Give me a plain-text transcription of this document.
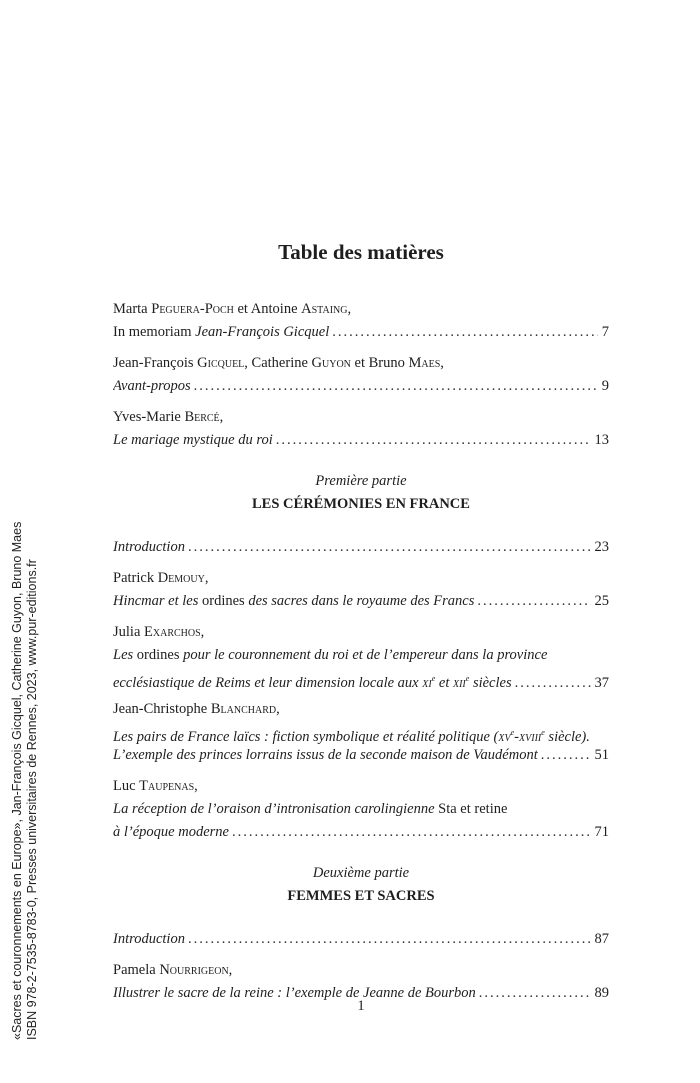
«Sacres et couronnements en Europe», Jan-François Gicquel, Catherine Guyon, Bruno Maes ISBN 978-2-7535-8783-0, Presses universitaires de Rennes, 2023, www.pur-editions.fr
Table des matières
Marta Peguera-Poch et Antoine Astaing,
In memoriam Jean-François Gicquel .....	7
Jean-François Gicquel, Catherine Guyon et Bruno Maes,
Avant-propos .....	9
Yves-Marie Bercé,
Le mariage mystique du roi .....	13
Première partie
LES CÉRÉMONIES EN FRANCE
Introduction .....	23
Patrick Demouy,
Hincmar et les ordines des sacres dans le royaume des Francs .....	25
Julia Exarchos,
Les ordines pour le couronnement du roi et de l’empereur dans la province
ecclésiastique de Reims et leur dimension locale aux $xi^e$ et xii$^e$ siècles .....	37
Jean-Christophe Blanchard,
Les pairs de France laïcs : fiction symbolique et réalité politique ($xv^e-xviii^e$ siècle).
L’exemple des princes lorrains issus de la seconde maison de Vaudémont .....	51
Luc Taupenas,
La réception de l’oraison d’intronisation carolingienne Sta et retine
à l’époque moderne .....	71
Deuxième partie
FEMMES ET SACRES
Introduction .....	87
Pamela Nourrigeon,
Illustrer le sacre de la reine : l’exemple de Jeanne de Bourbon .....	89
1
